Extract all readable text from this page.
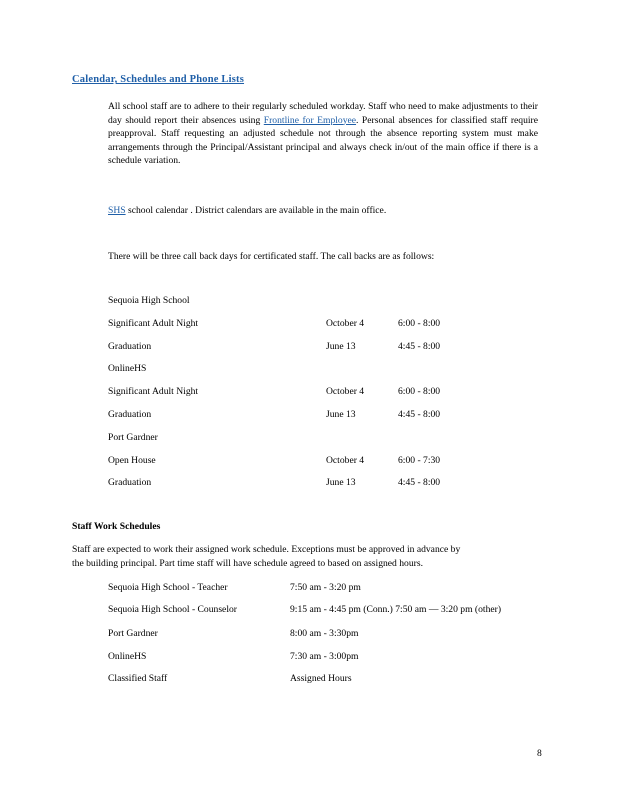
Calendar, Schedules and Phone Lists
All school staff are to adhere to their regularly scheduled workday. Staff who need to make adjustments to their day should report their absences using Frontline for Employee. Personal absences for classified staff require preapproval. Staff requesting an adjusted schedule not through the absence reporting system must make arrangements through the Principal/Assistant principal and always check in/out of the main office if there is a schedule variation.
SHS school calendar . District calendars are available in the main office.
There will be three call back days for certificated staff. The call backs are as follows:
Sequoia High School
Significant Adult Night	October 4	6:00 - 8:00
Graduation	June 13	4:45 - 8:00
OnlineHS
Significant Adult Night	October 4	6:00 - 8:00
Graduation	June 13	4:45 - 8:00
Port Gardner
Open House	October 4	6:00 - 7:30
Graduation	June 13	4:45 - 8:00
Staff Work Schedules
Staff are expected to work their assigned work schedule. Exceptions must be approved in advance by
the building principal. Part time staff will have schedule agreed to based on assigned hours.
Sequoia High School - Teacher	7:50 am - 3:20 pm
Sequoia High School - Counselor	9:15 am - 4:45 pm (Conn.) 7:50 am — 3:20 pm (other)
Port Gardner	8:00 am - 3:30pm
OnlineHS	7:30 am - 3:00pm
Classified Staff	Assigned Hours
8
